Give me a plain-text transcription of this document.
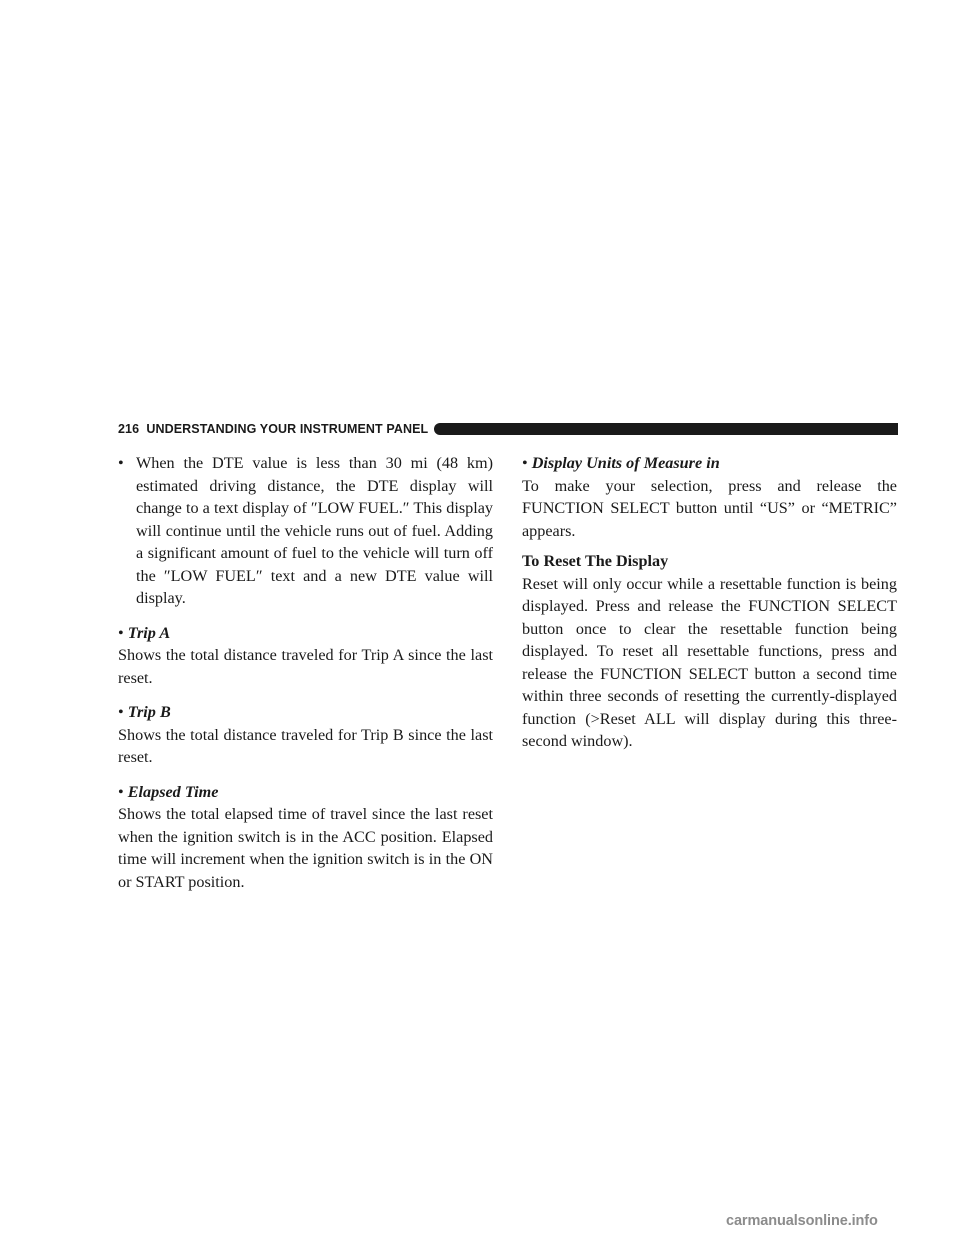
216
UNDERSTANDING YOUR INSTRUMENT PANEL
• When the DTE value is less than 30 mi (48 km) estimated driving distance, the DTE display will change to a text display of ″LOW FUEL.″ This display will continue until the vehicle runs out of fuel. Adding a significant amount of fuel to the vehicle will turn off the ″LOW FUEL″ text and a new DTE value will display.
• Trip A

Shows the total distance traveled for Trip A since the last reset.

• Trip B

Shows the total distance traveled for Trip B since the last reset.

• Elapsed Time

Shows the total elapsed time of travel since the last reset when the ignition switch is in the ACC position. Elapsed time will increment when the ignition switch is in the ON or START position.

• Display Units of Measure in

To make your selection, press and release the FUNCTION SELECT button until “US” or “METRIC” appears.

To Reset The Display

Reset will only occur while a resettable function is being displayed. Press and release the FUNCTION SELECT button once to clear the resettable function being displayed. To reset all resettable functions, press and release the FUNCTION SELECT button a second time within three seconds of resetting the currently-displayed function (>Reset ALL will display during this three-second window).

carmanualsonline.info
